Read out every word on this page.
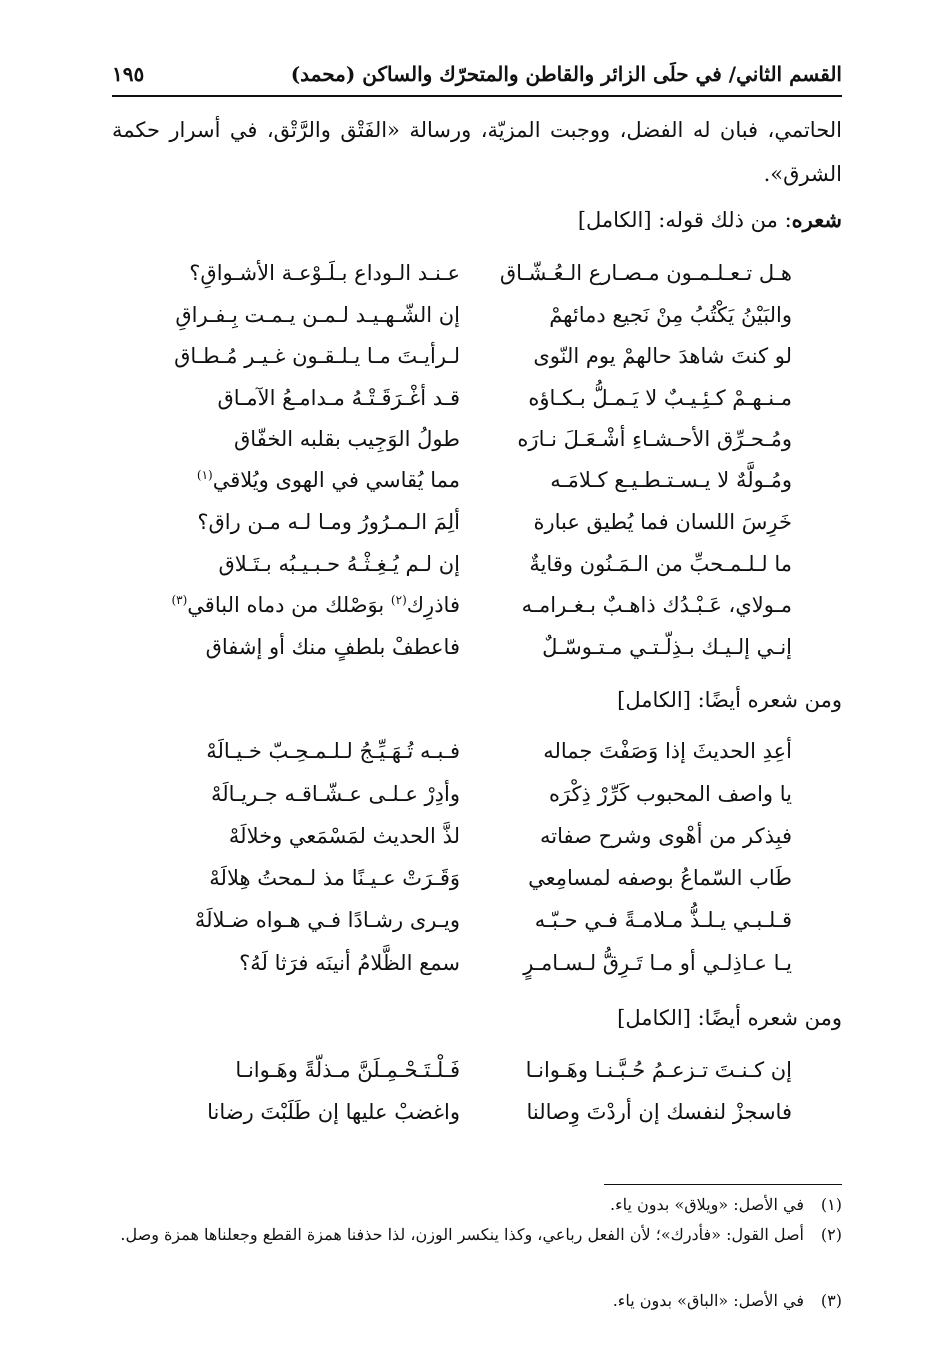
القسم الثاني/ في حلَى الزائر والقاطن والمتحرّك والساكن (محمد)
١٩٥
الحاتمي، فبان له الفضل، ووجبت المزيّة، ورسالة «الفَتْق والرَّتْق، في أسرار حكمة الشرق».
شعره: من ذلك قوله: [الكامل]
هـل تـعـلـمـون مـصـارع الـعُـشّـاق
عـنـد الـوداع بـلَـوْعـة الأشـواقِ؟
والبَيْنُ يَكْتُبُ مِنْ نَجيع دمائهمْ
إن الشّـهـيـد لـمـن يـمـت بِـفـراقِ
لو كنتَ شاهدَ حالهمْ يوم النّوى
لـرأيـتَ مـا يـلـقـون غـيـر مُـطـاق
مـنـهـمْ كـئِـيـبٌ لا يَـمـلُّ بـكـاؤه
قـد أغْـرَقَـتْـهُ مـدامـعُ الآمـاق
ومُـحـرِّق الأحـشـاءِ أشْـعَـلَ نـارَه
طولُ الوَجِيب بقلبه الخفّاق
ومُـولَّهٌ لا يـسـتـطـيـع كـلامَـه
مما يُقاسي في الهوى ويُلاقي$^{(١)}$
خَرِسَ اللسان فما يُطيق عبارة
ألِمَ الـمـرُورُ ومـا لـه مـن راق؟
ما لـلـمـحبِّ من الـمَـنُون وقايةٌ
إن لـم يُـغِـثْـهُ حـبـيـبُه بـتَـلاق
مـولاي، عَـبْـدُك ذاهـبٌ بـغـرامـه
فاذرِك$^{(٢)}$ بوَصْلك من دماه الباقي$^{(٣)}$
إنـي إلـيـك بـذِلّـتـي مـتـوسّـلٌ
فاعطفْ بلطفٍ منك أو إشفاق
ومن شعره أيضًا: [الكامل]
أعِدِ الحديثَ إذا وَصَفْتَ جماله
فـبـه تُـهَـيِّـجُ لـلـمـحِـبّ خـيـالَهْ
يا واصف المحبوب كَرِّرْ ذِكْرَه
وأدِرْ عـلـى عـشّـاقـه جـريـالَهْ
فبِذكر من أهْوى وشرح صفاته
لذَّ الحديث لمَسْمَعي وخلالَهْ
طَاب السّماعُ بوصفه لمسامِعي
وَقَـرَتْ عـيـنًا مذ لـمحتُ هِلالَهْ
قـلـبـي يـلـذُّ مـلامـةً فـي حـبّـه
ويـرى رشـادًا فـي هـواه ضـلالَهْ
يـا عـاذِلـي أو مـا تَـرِقُّ لـسـامـرٍ
سمع الظَّلامُ أنينَه فرَثا لَهُ؟
ومن شعره أيضًا: [الكامل]
إن كـنـتَ تـزعـمُ حُـبَّـنـا وهَـوانـا
فَـلْـتَـحْـمِـلَنَّ مـذلّةً وهَـوانـا
فاسجزْ لنفسك إن أردْتَ وِصالنا
واغضبْ عليها إن طَلَبْتَ رضانا
(١)
في الأصل: «ويلاق» بدون ياء.
(٢)
أصل القول: «فأدرك»؛ لأن الفعل رباعي، وكذا ينكسر الوزن، لذا حذفنا همزة القطع وجعلناها همزة وصل.
(٣)
في الأصل: «الباق» بدون ياء.
